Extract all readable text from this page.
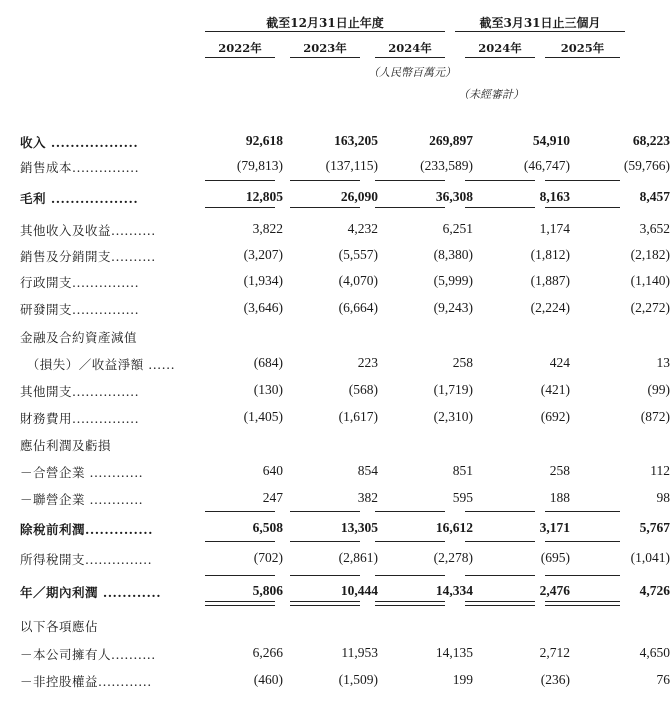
截至12月31日止年度	截至3月31日止三個月
2022年	2023年	2024年	2024年	2025年
（人民幣百萬元）
（未經審計）
收入 ..................	92,618	163,205	269,897	54,910	68,223
銷售成本...............	(79,813)	(137,115)	(233,589)	(46,747)	(59,766)
毛利 ..................	12,805	26,090	36,308	8,163	8,457
其他收入及收益..........	3,822	4,232	6,251	1,174	3,652
銷售及分銷開支..........	(3,207)	(5,557)	(8,380)	(1,812)	(2,182)
行政開支...............	(1,934)	(4,070)	(5,999)	(1,887)	(1,140)
研發開支...............	(3,646)	(6,664)	(9,243)	(2,224)	(2,272)
金融及合約資產減值
　（損失）／收益淨額 ......	(684)	223	258	424	13
其他開支...............	(130)	(568)	(1,719)	(421)	(99)
財務費用...............	(1,405)	(1,617)	(2,310)	(692)	(872)
應佔利潤及虧損
－合營企業 ............	640	854	851	258	112
－聯營企業 ............	247	382	595	188	98
除稅前利潤..............	6,508	13,305	16,612	3,171	5,767
所得稅開支...............	(702)	(2,861)	(2,278)	(695)	(1,041)
年／期內利潤 ............	5,806	10,444	14,334	2,476	4,726
以下各項應佔
－本公司擁有人..........	6,266	11,953	14,135	2,712	4,650
－非控股權益............	(460)	(1,509)	199	(236)	76
